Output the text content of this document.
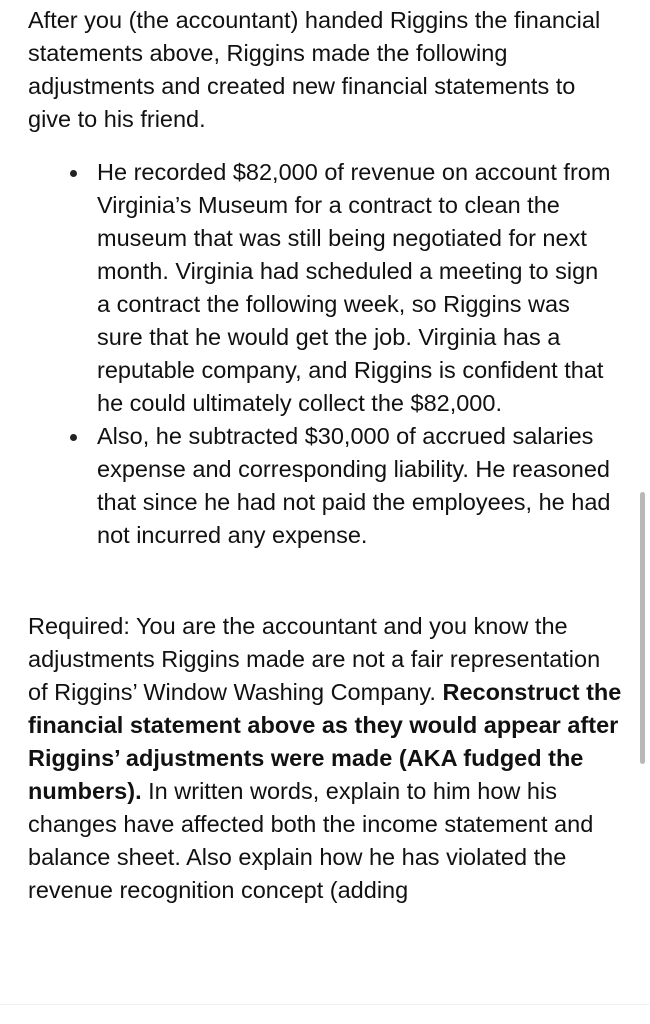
After you (the accountant) handed Riggins the financial statements above, Riggins made the following adjustments and created new financial statements to give to his friend.

He recorded $82,000 of revenue on account from Virginia’s Museum for a contract to clean the museum that was still being negotiated for next month. Virginia had scheduled a meeting to sign a contract the following week, so Riggins was sure that he would get the job. Virginia has a reputable company, and Riggins is confident that he could ultimately collect the $82,000.
Also, he subtracted $30,000 of accrued salaries expense and corresponding liability. He reasoned that since he had not paid the employees, he had not incurred any expense.

Required: You are the accountant and you know the adjustments Riggins made are not a fair representation of Riggins’ Window Washing Company. Reconstruct the financial statement above as they would appear after Riggins’ adjustments were made (AKA fudged the numbers). In written words, explain to him how his changes have affected both the income statement and balance sheet. Also explain how he has violated the revenue recognition concept (adding
